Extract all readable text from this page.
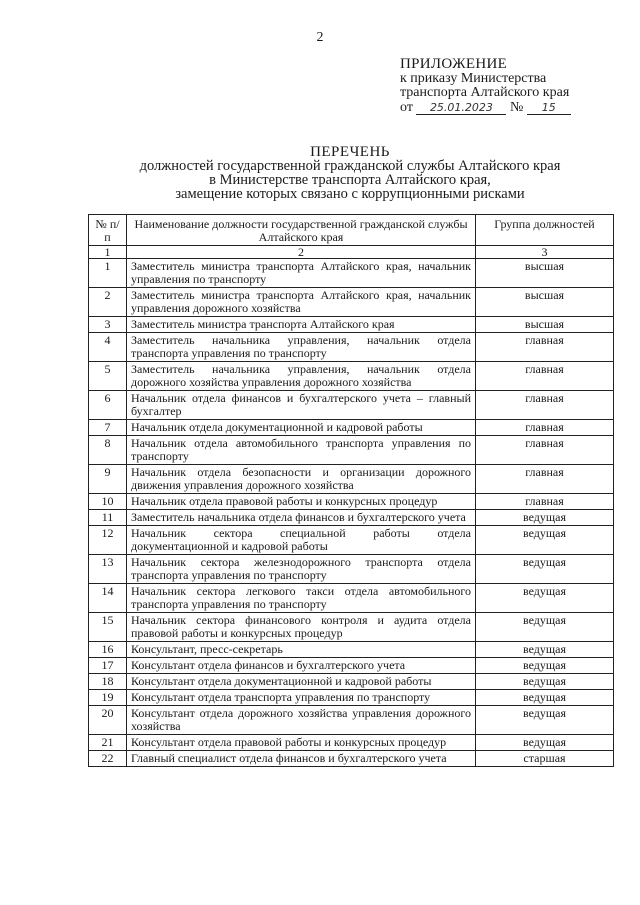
2
ПРИЛОЖЕНИЕ
к приказу Министерства
транспорта Алтайского края
от 25.01.2023 № 15
ПЕРЕЧЕНЬ
должностей государственной гражданской службы Алтайского края
в Министерстве транспорта Алтайского края,
замещение которых связано с коррупционными рисками
№ п/п	Наименование должности государственной гражданской службы Алтайского края	Группа должностей
1	2	3
1	Заместитель министра транспорта Алтайского края, начальник управления по транспорту	высшая
2	Заместитель министра транспорта Алтайского края, начальник управления дорожного хозяйства	высшая
3	Заместитель министра транспорта Алтайского края	высшая
4	Заместитель начальника управления, начальник отдела транспорта управления по транспорту	главная
5	Заместитель начальника управления, начальник отдела дорожного хозяйства управления дорожного хозяйства	главная
6	Начальник отдела финансов и бухгалтерского учета – главный бухгалтер	главная
7	Начальник отдела документационной и кадровой работы	главная
8	Начальник отдела автомобильного транспорта управления по транспорту	главная
9	Начальник отдела безопасности и организации дорожного движения управления дорожного хозяйства	главная
10	Начальник отдела правовой работы и конкурсных процедур	главная
11	Заместитель начальника отдела финансов и бухгалтерского учета	ведущая
12	Начальник сектора специальной работы отдела документационной и кадровой работы	ведущая
13	Начальник сектора железнодорожного транспорта отдела транспорта управления по транспорту	ведущая
14	Начальник сектора легкового такси отдела автомобильного транспорта управления по транспорту	ведущая
15	Начальник сектора финансового контроля и аудита отдела правовой работы и конкурсных процедур	ведущая
16	Консультант, пресс-секретарь	ведущая
17	Консультант отдела финансов и бухгалтерского учета	ведущая
18	Консультант отдела документационной и кадровой работы	ведущая
19	Консультант отдела транспорта управления по транспорту	ведущая
20	Консультант отдела дорожного хозяйства управления дорожного хозяйства	ведущая
21	Консультант отдела правовой работы и конкурсных процедур	ведущая
22	Главный специалист отдела финансов и бухгалтерского учета	старшая
